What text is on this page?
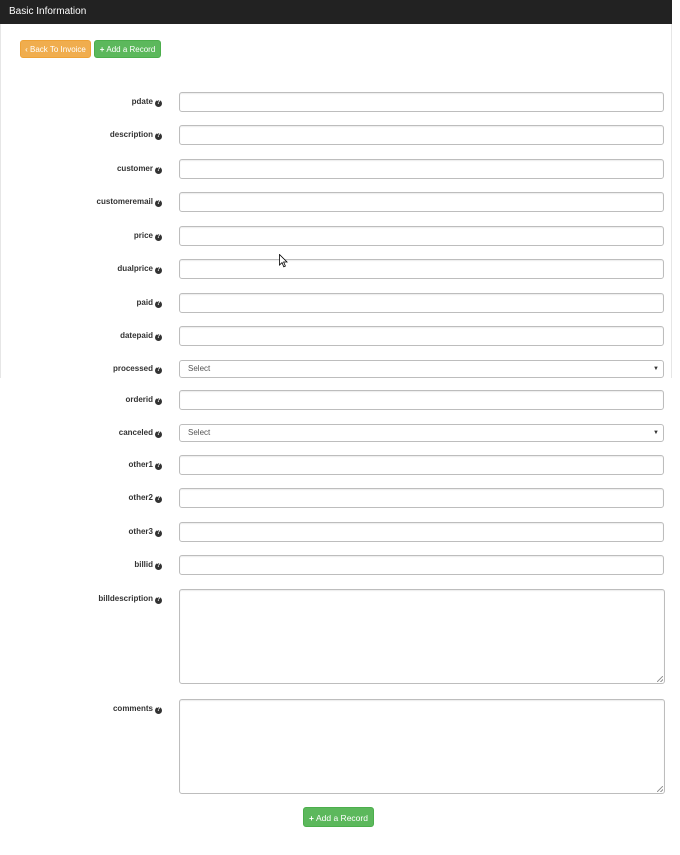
Basic Information
‹ Back To Invoice	+ Add a Record
pdate ?
description ?
customer ?
customeremail ?
price ?
dualprice ?
paid ?
datepaid ?
processed ?	Select	▼
orderid ?
canceled ?	Select	▼
other1 ?
other2 ?
other3 ?
billid ?
billdescription ?
comments ?
+ Add a Record
